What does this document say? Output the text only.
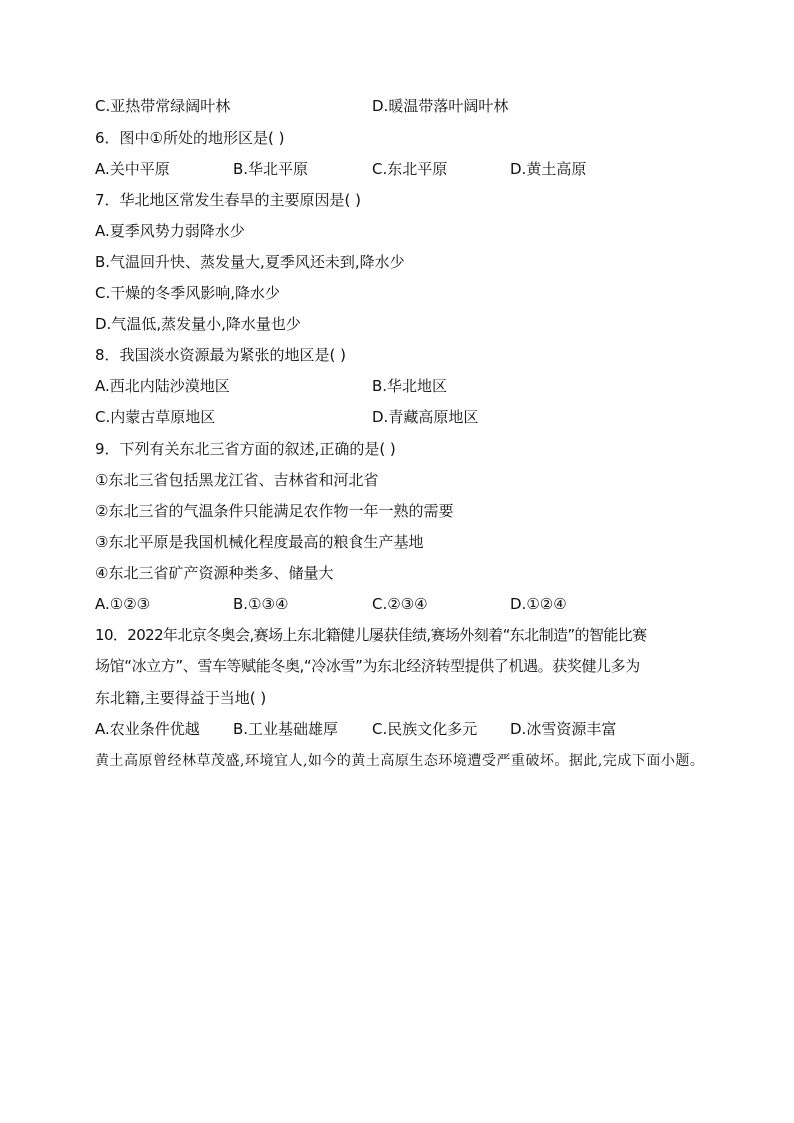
C.亚热带常绿阔叶林	D.暖温带落叶阔叶林
6．图中①所处的地形区是( )
A.关中平原	B.华北平原	C.东北平原	D.黄土高原
7．华北地区常发生春旱的主要原因是( )
A.夏季风势力弱降水少
B.气温回升快、蒸发量大,夏季风还未到,降水少
C.干燥的冬季风影响,降水少
D.气温低,蒸发量小,降水量也少
8．我国淡水资源最为紧张的地区是( )
A.西北内陆沙漠地区	B.华北地区
C.内蒙古草原地区	D.青藏高原地区
9．下列有关东北三省方面的叙述,正确的是( )
①东北三省包括黑龙江省、吉林省和河北省
②东北三省的气温条件只能满足农作物一年一熟的需要
③东北平原是我国机械化程度最高的粮食生产基地
④东北三省矿产资源种类多、储量大
A.①②③	B.①③④	C.②③④	D.①②④
10．2022年北京冬奥会,赛场上东北籍健儿屡获佳绩,赛场外刻着“东北制造”的智能比赛
场馆“冰立方”、雪车等赋能冬奥,“冷冰雪”为东北经济转型提供了机遇。获奖健儿多为
东北籍,主要得益于当地( )
A.农业条件优越 B.工业基础雄厚 C.民族文化多元 D.冰雪资源丰富
黄土高原曾经林草茂盛,环境宜人,如今的黄土高原生态环境遭受严重破坏。据此,完成下面小题。
